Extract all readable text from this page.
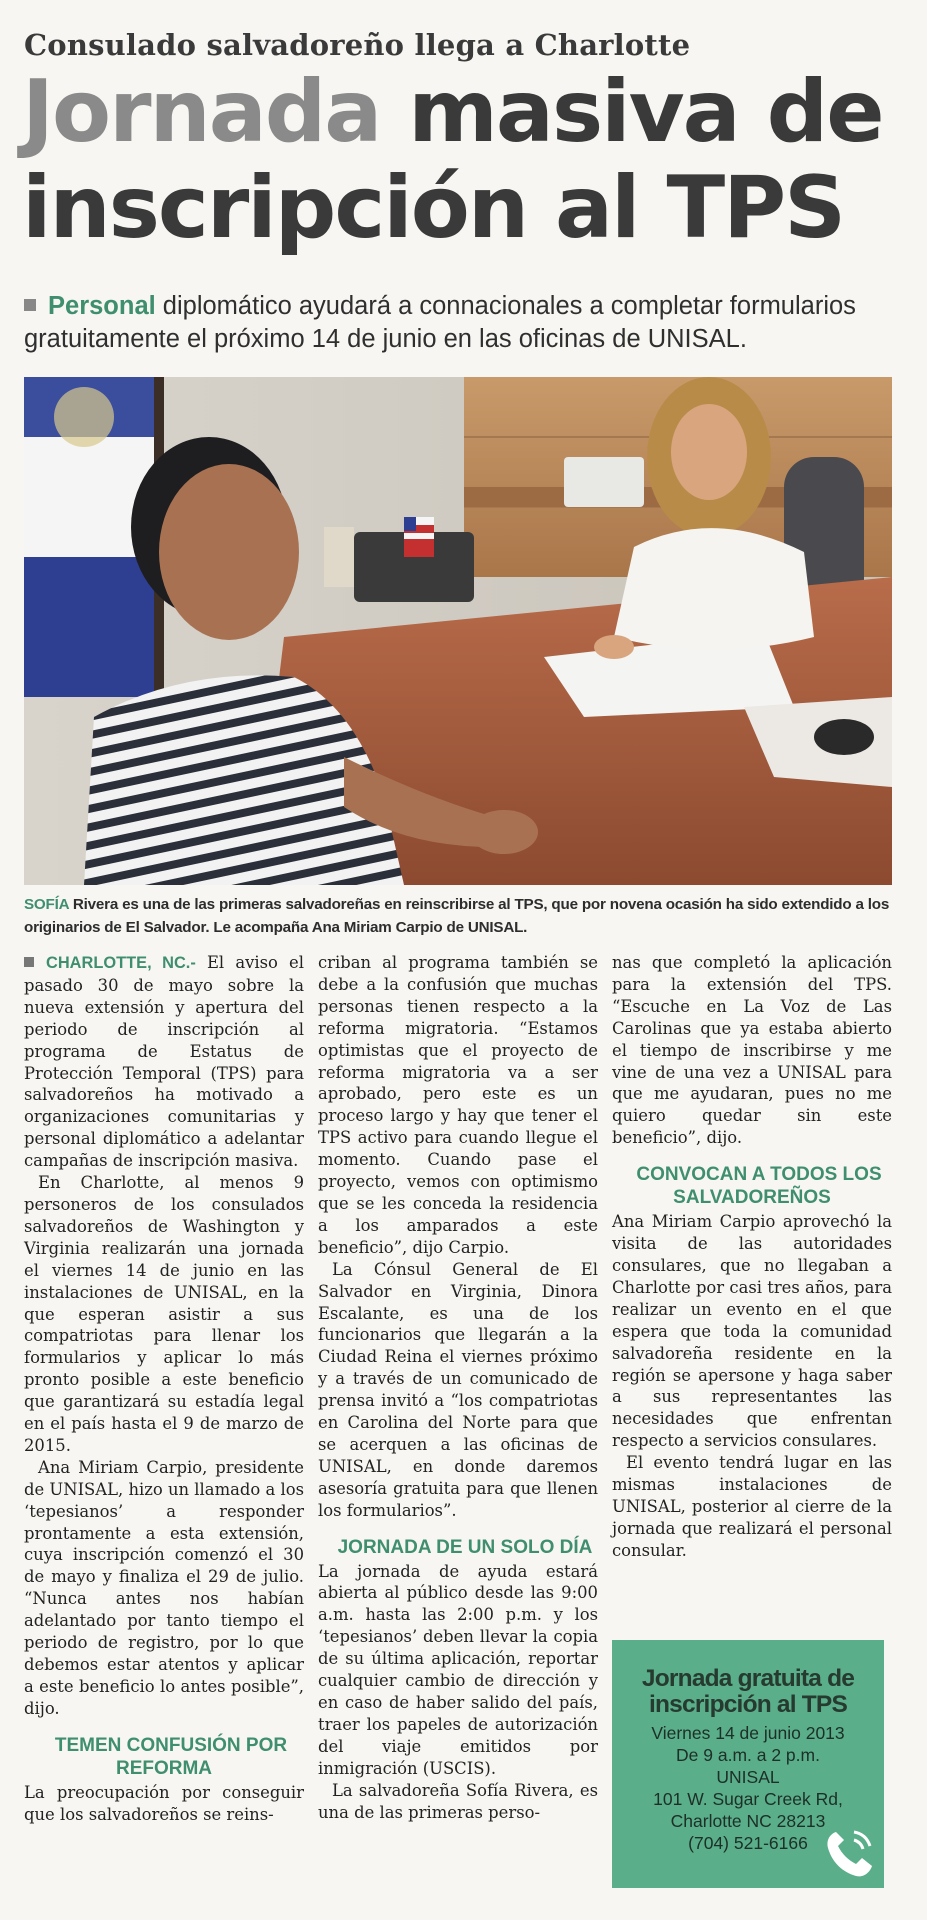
Consulado salvadoreño llega a Charlotte
Jornada masiva de
inscripción al TPS
Personal diplomático ayudará a connacionales a completar formularios gratuitamente el próximo 14 de junio en las oficinas de UNISAL.
SOFÍA Rivera es una de las primeras salvadoreñas en reinscribirse al TPS, que por novena ocasión ha sido extendido a los originarios de El Salvador. Le acompaña Ana Miriam Carpio de UNISAL.

CHARLOTTE, NC.- El aviso el pasado 30 de mayo sobre la nueva extensión y apertura del periodo de inscripción al programa de Estatus de Protección Temporal (TPS) para salvadoreños ha motivado a organizaciones comunitarias y personal diplomático a adelantar campañas de inscripción masiva.

En Charlotte, al menos 9 personeros de los consulados salvadoreños de Washington y Virginia realizarán una jornada el viernes 14 de junio en las instalaciones de UNISAL, en la que esperan asistir a sus compatriotas para llenar los formularios y aplicar lo más pronto posible a este beneficio que garantizará su estadía legal en el país hasta el 9 de marzo de 2015.

Ana Miriam Carpio, presidente de UNISAL, hizo un llamado a los ‘tepesianos’ a responder prontamente a esta extensión, cuya inscripción comenzó el 30 de mayo y finaliza el 29 de julio. “Nunca antes nos habían adelantado por tanto tiempo el periodo de registro, por lo que debemos estar atentos y aplicar a este beneficio lo antes posible”, dijo.

TEMEN CONFUSIÓN POR REFORMA

La preocupación por conseguir que los salvadoreños se reins-

criban al programa también se debe a la confusión que muchas personas tienen respecto a la reforma migratoria. “Estamos optimistas que el proyecto de reforma migratoria va a ser aprobado, pero este es un proceso largo y hay que tener el TPS activo para cuando llegue el momento. Cuando pase el proyecto, vemos con optimismo que se les conceda la residencia a los amparados a este beneficio”, dijo Carpio.

La Cónsul General de El Salvador en Virginia, Dinora Escalante, es una de los funcionarios que llegarán a la Ciudad Reina el viernes próximo y a través de un comunicado de prensa invitó a “los compatriotas en Carolina del Norte para que se acerquen a las oficinas de UNISAL, en donde daremos asesoría gratuita para que llenen los formularios”.

JORNADA DE UN SOLO DÍA

La jornada de ayuda estará abierta al público desde las 9:00 a.m. hasta las 2:00 p.m. y los ‘tepesianos’ deben llevar la copia de su última aplicación, reportar cualquier cambio de dirección y en caso de haber salido del país, traer los papeles de autorización del viaje emitidos por inmigración (USCIS).

La salvadoreña Sofía Rivera, es una de las primeras perso-

nas que completó la aplicación para la extensión del TPS. “Escuche en La Voz de Las Carolinas que ya estaba abierto el tiempo de inscribirse y me vine de una vez a UNISAL para que me ayudaran, pues no me quiero quedar sin este beneficio”, dijo.

CONVOCAN A TODOS LOS SALVADOREÑOS

Ana Miriam Carpio aprovechó la visita de las autoridades consulares, que no llegaban a Charlotte por casi tres años, para realizar un evento en el que espera que toda la comunidad salvadoreña residente en la región se apersone y haga saber a sus representantes las necesidades que enfrentan respecto a servicios consulares.

El evento tendrá lugar en las mismas instalaciones de UNISAL, posterior al cierre de la jornada que realizará el personal consular.

Jornada gratuita de
inscripción al TPS
Viernes 14 de junio 2013
De 9 a.m. a 2 p.m.
UNISAL
101 W. Sugar Creek Rd,
Charlotte NC 28213
(704) 521-6166
